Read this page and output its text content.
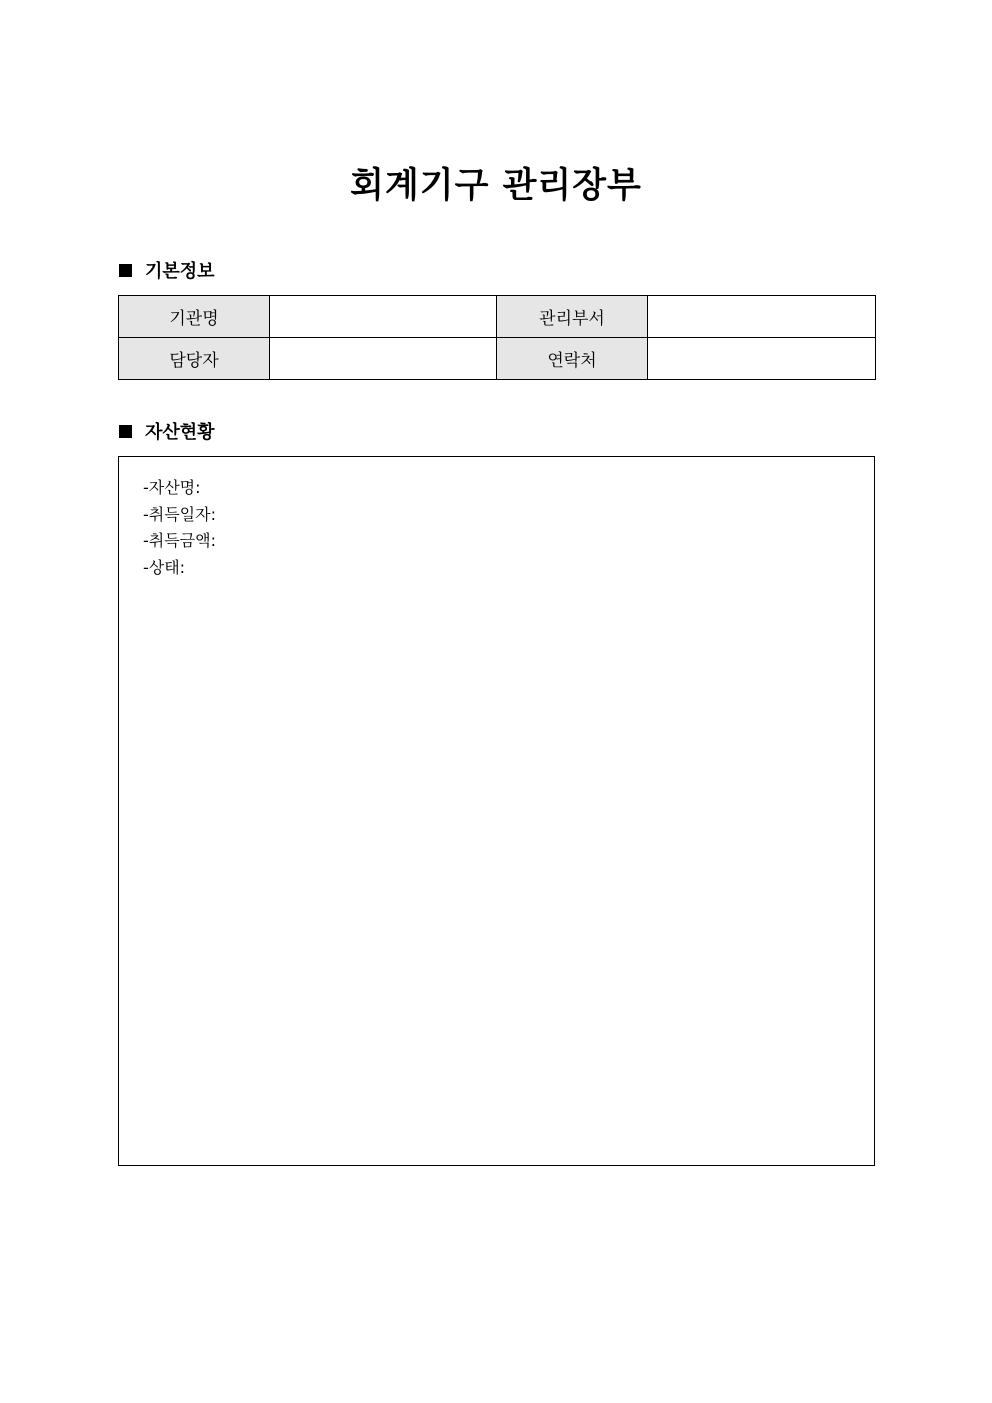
회계기구 관리장부
기본정보
기관명		관리부서	
담당자		연락처	
자산현황
-자산명:
-취득일자:
-취득금액:
-상태:
